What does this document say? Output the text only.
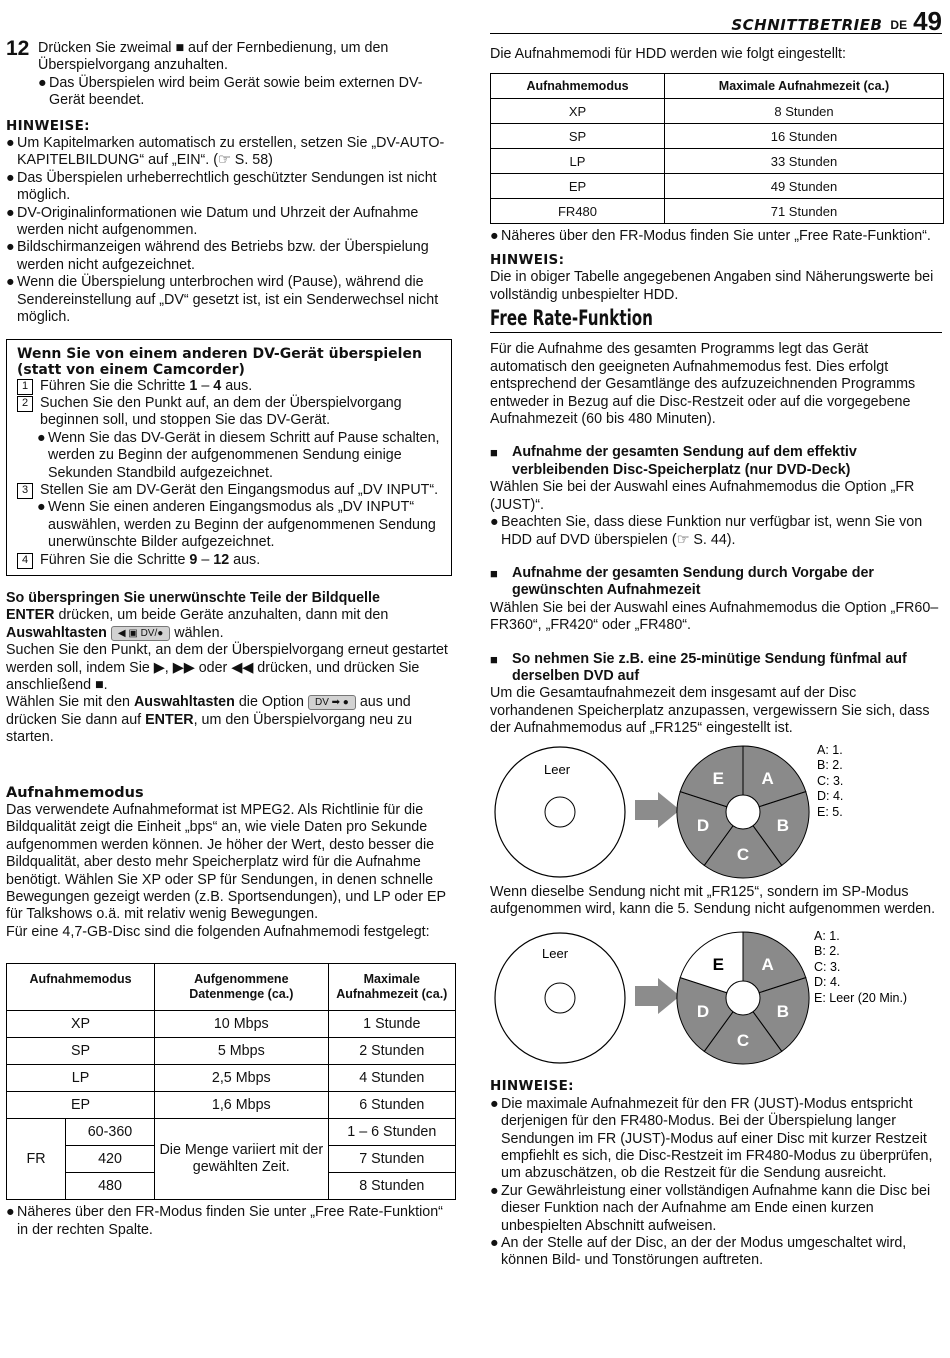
SCHNITTBETRIEB DE 49
12 Drücken Sie zweimal ■ auf der Fernbedienung, um den Überspielvorgang anzuhalten.

● Das Überspielen wird beim Gerät sowie beim externen DV-Gerät beendet.
HINWEISE:
● Um Kapitelmarken automatisch zu erstellen, setzen Sie „DV-AUTO-KAPITELBILDUNG“ auf „EIN“. (☞ S. 58)
● Das Überspielen urheberrechtlich geschützter Sendungen ist nicht möglich.
● DV-Originalinformationen wie Datum und Uhrzeit der Aufnahme werden nicht aufgenommen.
● Bildschirmanzeigen während des Betriebs bzw. der Überspielung werden nicht aufgezeichnet.
● Wenn die Überspielung unterbrochen wird (Pause), während die Sendereinstellung auf „DV“ gesetzt ist, ist ein Senderwechsel nicht möglich.
Wenn Sie von einem anderen DV-Gerät überspielen (statt von einem Camcorder)
1 Führen Sie die Schritte 1 – 4 aus.
2 Suchen Sie den Punkt auf, an dem der Überspielvorgang beginnen soll, und stoppen Sie das DV-Gerät.
● Wenn Sie das DV-Gerät in diesem Schritt auf Pause schalten, werden zu Beginn der aufgenommenen Sendung einige Sekunden Standbild aufgezeichnet.
3 Stellen Sie am DV-Gerät den Eingangsmodus auf „DV INPUT“.
● Wenn Sie einen anderen Eingangsmodus als „DV INPUT“ auswählen, werden zu Beginn der aufgenommenen Sendung unerwünschte Bilder aufgezeichnet.
4 Führen Sie die Schritte 9 – 12 aus.

So überspringen Sie unerwünschte Teile der Bildquelle

ENTER drücken, um beide Geräte anzuhalten, dann mit den Auswahltasten ◀ ▣ DV/● wählen.

Suchen Sie den Punkt, an dem der Überspielvorgang erneut gestartet werden soll, indem Sie ▶, ▶▶ oder ◀◀ drücken, und drücken Sie anschließend ■.

Wählen Sie mit den Auswahltasten die Option DV ➡ ● aus und drücken Sie dann auf ENTER, um den Überspielvorgang neu zu starten.

Aufnahmemodus

Das verwendete Aufnahmeformat ist MPEG2. Als Richtlinie für die Bildqualität zeigt die Einheit „bps“ an, wie viele Daten pro Sekunde aufgenommen werden können. Je höher der Wert, desto besser die Bildqualität, aber desto mehr Speicherplatz wird für die Aufnahme benötigt. Wählen Sie XP oder SP für Sendungen, in denen schnelle Bewegungen gezeigt werden (z.B. Sportsendungen), und LP oder EP für Talkshows o.ä. mit relativ wenig Bewegungen.

Für eine 4,7-GB-Disc sind die folgenden Aufnahmemodi festgelegt:

Aufnahmemodus		Aufgenommene Datenmenge (ca.)	Maximale Aufnahmezeit (ca.)
XP		10 Mbps	1 Stunde
SP		5 Mbps	2 Stunden
LP		2,5 Mbps	4 Stunden
EP		1,6 Mbps	6 Stunden
FR	60-360	Die Menge variiert mit der gewählten Zeit.	1 – 6 Stunden
	420		7 Stunden
	480		8 Stunden
● Näheres über den FR-Modus finden Sie unter „Free Rate-Funktion“ in der rechten Spalte.

Die Aufnahmemodi für HDD werden wie folgt eingestellt:

Aufnahmemodus	Maximale Aufnahmezeit (ca.)
XP	8 Stunden
SP	16 Stunden
LP	33 Stunden
EP	49 Stunden
FR480	71 Stunden
● Näheres über den FR-Modus finden Sie unter „Free Rate-Funktion“.
HINWEIS:

Die in obiger Tabelle angegebenen Angaben sind Näherungswerte bei vollständig unbespielter HDD.

Free Rate-Funktion

Für die Aufnahme des gesamten Programms legt das Gerät automatisch den geeigneten Aufnahmemodus fest. Dies erfolgt entsprechend der Gesamtlänge des aufzuzeichnenden Programms entweder in Bezug auf die Disc-Restzeit oder auf die vorgegebene Aufnahmezeit (60 bis 480 Minuten).

■ Aufnahme der gesamten Sendung auf dem effektiv verbleibenden Disc-Speicherplatz (nur DVD-Deck)

Wählen Sie bei der Auswahl eines Aufnahmemodus die Option „FR (JUST)“.

● Beachten Sie, dass diese Funktion nur verfügbar ist, wenn Sie von HDD auf DVD überspielen (☞ S. 44).
■ Aufnahme der gesamten Sendung durch Vorgabe der gewünschten Aufnahmezeit

Wählen Sie bei der Auswahl eines Aufnahmemodus die Option „FR60–FR360“, „FR420“ oder „FR480“.

■ So nehmen Sie z.B. eine 25-minütige Sendung fünfmal auf derselben DVD auf

Um die Gesamtaufnahmezeit dem insgesamt auf der Disc vorhandenen Speicherplatz anzupassen, vergewissern Sie sich, dass der Aufnahmemodus auf „FR125“ eingestellt ist.

Leer	A
B
C
D
E
A: 1.
B: 2.
C: 3.
D: 4.
E: 5.

Wenn dieselbe Sendung nicht mit „FR125“, sondern im SP-Modus aufgenommen wird, kann die 5. Sendung nicht aufgenommen werden.

Leer
A
B
C
D
E
A: 1.
B: 2.
C: 3.
D: 4.
E: Leer (20 Min.)
HINWEISE:
● Die maximale Aufnahmezeit für den FR (JUST)-Modus entspricht derjenigen für den FR480-Modus. Bei der Überspielung langer Sendungen im FR (JUST)-Modus auf einer Disc mit kurzer Restzeit empfiehlt es sich, die Disc-Restzeit im FR480-Modus zu überprüfen, um abzuschätzen, ob die Restzeit für die Sendung ausreicht.
● Zur Gewährleistung einer vollständigen Aufnahme kann die Disc bei dieser Funktion nach der Aufnahme am Ende einen kurzen unbespielten Abschnitt aufweisen.
● An der Stelle auf der Disc, an der der Modus umgeschaltet wird, können Bild- und Tonstörungen auftreten.
